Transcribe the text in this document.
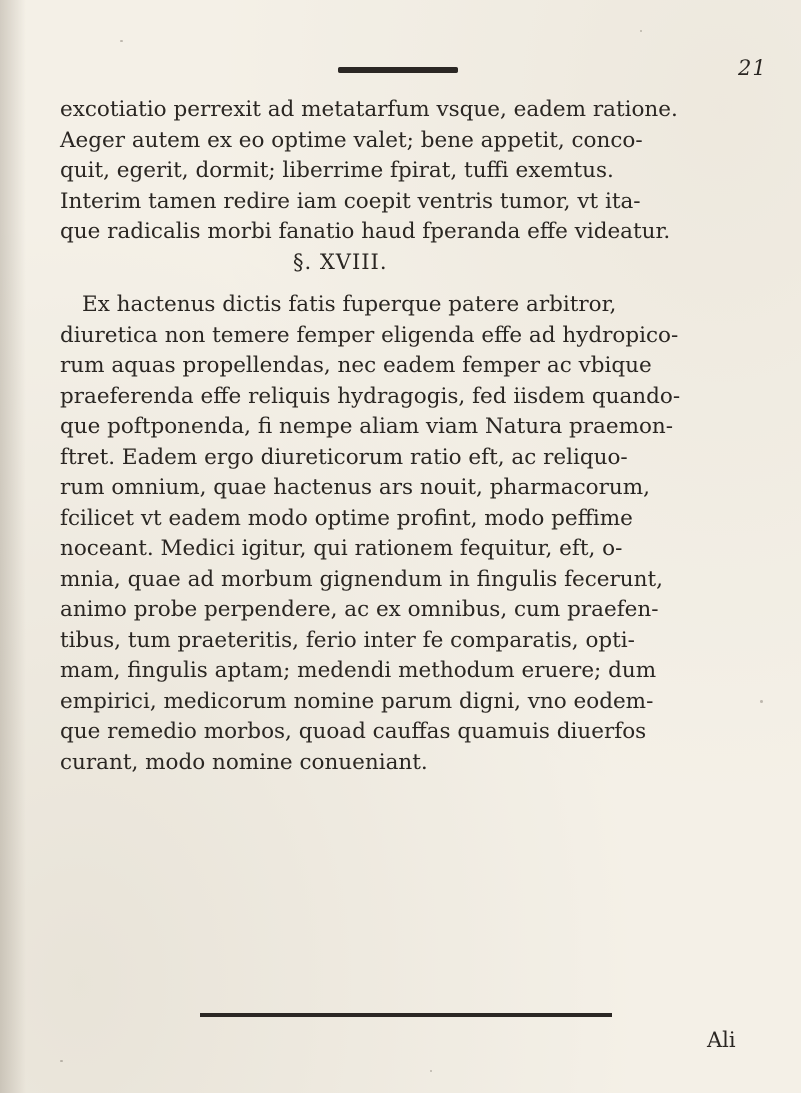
21
excotiatio perrexit ad metatarfum vsque, eadem ratione.
Aeger autem ex eo optime valet; bene appetit, conco-
quit, egerit, dormit; liberrime fpirat, tuffi exemtus.
Interim tamen redire iam coepit ventris tumor, vt ita-
que radicalis morbi fanatio haud fperanda effe videatur.
§. XVIII.
Ex hactenus dictis fatis fuperque patere arbitror,
diuretica non temere femper eligenda effe ad hydropico-
rum aquas propellendas, nec eadem femper ac vbique
praeferenda effe reliquis hydragogis, fed iisdem quando-
que poftponenda, fi nempe aliam viam Natura praemon-
ftret. Eadem ergo diureticorum ratio eft, ac reliquo-
rum omnium, quae hactenus ars nouit, pharmacorum,
fcilicet vt eadem modo optime profint, modo peffime
noceant. Medici igitur, qui rationem fequitur, eft, o-
mnia, quae ad morbum gignendum in fingulis fecerunt,
animo probe perpendere, ac ex omnibus, cum praefen-
tibus, tum praeteritis, ferio inter fe comparatis, opti-
mam, fingulis aptam; medendi methodum eruere; dum
empirici, medicorum nomine parum digni, vno eodem-
que remedio morbos, quoad cauffas quamuis diuerfos
curant, modo nomine conueniant.
Ali
